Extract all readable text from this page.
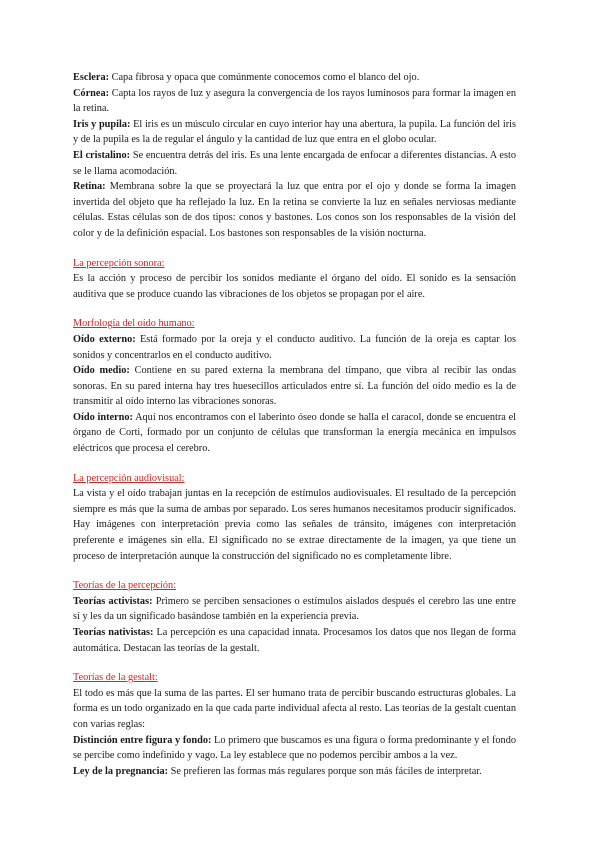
Esclera: Capa fibrosa y opaca que comúnmente conocemos como el blanco del ojo.

Córnea: Capta los rayos de luz y asegura la convergencia de los rayos luminosos para formar la imagen en la retina.

Iris y pupila: El iris es un músculo circular en cuyo interior hay una abertura, la pupila. La función del iris y de la pupila es la de regular el ángulo y la cantidad de luz que entra en el globo ocular.

El cristalino: Se encuentra detrás del iris. Es una lente encargada de enfocar a diferentes distancias. A esto se le llama acomodación.

Retina: Membrana sobre la que se proyectará la luz que entra por el ojo y donde se forma la imagen invertida del objeto que ha reflejado la luz. En la retina se convierte la luz en señales nerviosas mediante células. Estas células son de dos tipos: conos y bastones. Los conos son los responsables de la visión del color y de la definición espacial. Los bastones son responsables de la visión nocturna.

La percepción sonora:

Es la acción y proceso de percibir los sonidos mediante el órgano del oído. El sonido es la sensación auditiva que se produce cuando las vibraciones de los objetos se propagan por el aire.

Morfología del oído humano:

Oído externo: Está formado por la oreja y el conducto auditivo. La función de la oreja es captar los sonidos y concentrarlos en el conducto auditivo.

Oído medio: Contiene en su pared externa la membrana del tímpano, que vibra al recibir las ondas sonoras. En su pared interna hay tres huesecillos articulados entre sí. La función del oído medio es la de transmitir al oído interno las vibraciones sonoras.

Oído interno: Aquí nos encontramos con el laberinto óseo donde se halla el caracol, donde se encuentra el órgano de Corti, formado por un conjunto de células que transforman la energía mecánica en impulsos eléctricos que procesa el cerebro.

La percepción audiovisual:

La vista y el oído trabajan juntas en la recepción de estímulos audiovisuales. El resultado de la percepción siempre es más que la suma de ambas por separado. Los seres humanos necesitamos producir significados. Hay imágenes con interpretación previa como las señales de tránsito, imágenes con interpretación preferente e imágenes sin ella. El significado no se extrae directamente de la imagen, ya que tiene un proceso de interpretación aunque la construcción del significado no es completamente libre.

Teorías de la percepción:

Teorías activistas: Primero se perciben sensaciones o estímulos aislados después el cerebro las une entre sí y les da un significado basándose también en la experiencia previa.

Teorías nativistas: La percepción es una capacidad innata. Procesamos los datos que nos llegan de forma automática. Destacan las teorías de la gestalt.

Teorías de la gestalt:

El todo es más que la suma de las partes. El ser humano trata de percibir buscando estructuras globales. La forma es un todo organizado en la que cada parte individual afecta al resto. Las teorías de la gestalt cuentan con varias reglas:

Distinción entre figura y fondo: Lo primero que buscamos es una figura o forma predominante y el fondo se percibe como indefinido y vago. La ley establece que no podemos percibir ambos a la vez.

Ley de la pregnancia: Se prefieren las formas más regulares porque son más fáciles de interpretar.
